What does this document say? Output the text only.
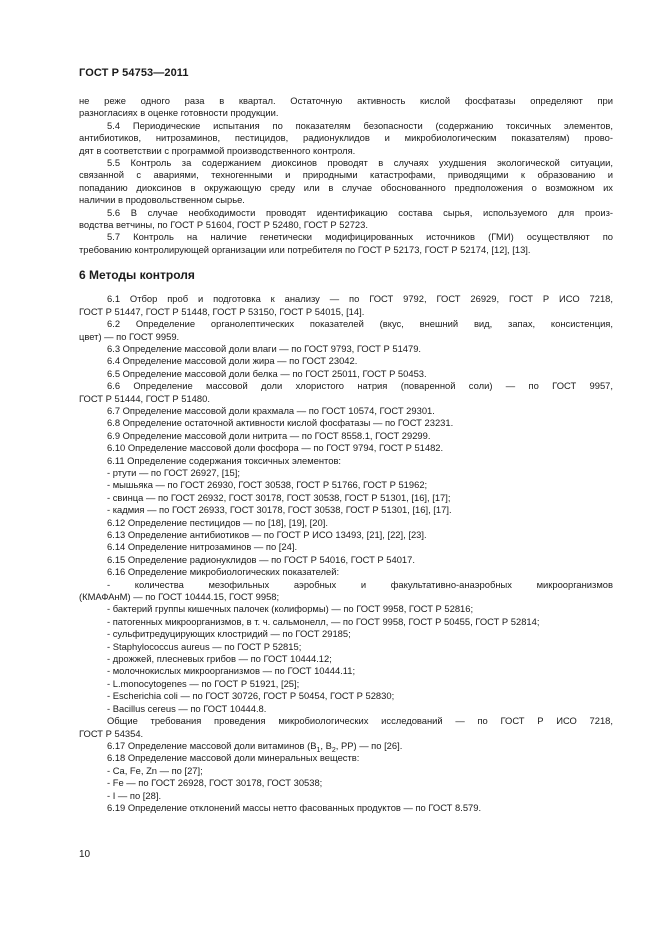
ГОСТ Р 54753—2011

не реже одного раза в квартал. Остаточную активность кислой фосфатазы определяют при

разногласиях в оценке готовности продукции.

5.4 Периодические испытания по показателям безопасности (содержанию токсичных элементов,

антибиотиков, нитрозаминов, пестицидов, радионуклидов и микробиологическим показателям) прово-

дят в соответствии с программой производственного контроля.

5.5 Контроль за содержанием диоксинов проводят в случаях ухудшения экологической ситуации,

связанной с авариями, техногенными и природными катастрофами, приводящими к образованию и

попаданию диоксинов в окружающую среду или в случае обоснованного предположения о возможном их

наличии в продовольственном сырье.

5.6 В случае необходимости проводят идентификацию состава сырья, используемого для произ-

водства ветчины, по ГОСТ Р 51604, ГОСТ Р 52480, ГОСТ Р 52723.

5.7 Контроль на наличие генетически модифицированных источников (ГМИ) осуществляют по

требованию контролирующей организации или потребителя по ГОСТ Р 52173, ГОСТ Р 52174, [12], [13].

6 Методы контроля

6.1 Отбор проб и подготовка к анализу — по ГОСТ 9792, ГОСТ 26929, ГОСТ Р ИСО 7218,

ГОСТ Р 51447, ГОСТ Р 51448, ГОСТ Р 53150, ГОСТ Р 54015, [14].

6.2 Определение органолептических показателей (вкус, внешний вид, запах, консистенция,

цвет) — по ГОСТ 9959.

6.3 Определение массовой доли влаги — по ГОСТ 9793, ГОСТ Р 51479.

6.4 Определение массовой доли жира — по ГОСТ 23042.

6.5 Определение массовой доли белка — по ГОСТ 25011, ГОСТ Р 50453.

6.6 Определение массовой доли хлористого натрия (поваренной соли) — по ГОСТ 9957,

ГОСТ Р 51444, ГОСТ Р 51480.

6.7 Определение массовой доли крахмала — по ГОСТ 10574, ГОСТ 29301.

6.8 Определение остаточной активности кислой фосфатазы — по ГОСТ 23231.

6.9 Определение массовой доли нитрита — по ГОСТ 8558.1, ГОСТ 29299.

6.10 Определение массовой доли фосфора — по ГОСТ 9794, ГОСТ Р 51482.

6.11 Определение содержания токсичных элементов:

- ртути — по ГОСТ 26927, [15];

- мышьяка — по ГОСТ 26930, ГОСТ 30538, ГОСТ Р 51766, ГОСТ Р 51962;

- свинца — по ГОСТ 26932, ГОСТ 30178, ГОСТ 30538, ГОСТ Р 51301, [16], [17];

- кадмия — по ГОСТ 26933, ГОСТ 30178, ГОСТ 30538, ГОСТ Р 51301, [16], [17].

6.12 Определение пестицидов — по [18], [19], [20].

6.13 Определение антибиотиков — по ГОСТ Р ИСО 13493, [21], [22], [23].

6.14 Определение нитрозаминов — по [24].

6.15 Определение радионуклидов — по ГОСТ Р 54016, ГОСТ Р 54017.

6.16 Определение микробиологических показателей:

- количества мезофильных аэробных и факультативно-анаэробных микроорганизмов

(КМАФАнМ) — по ГОСТ 10444.15, ГОСТ 9958;

- бактерий группы кишечных палочек (колиформы) — по ГОСТ 9958, ГОСТ Р 52816;

- патогенных микроорганизмов, в т. ч. сальмонелл, — по ГОСТ 9958, ГОСТ Р 50455, ГОСТ Р 52814;

- сульфитредуцирующих клостридий — по ГОСТ 29185;

- Staphylococcus aureus — по ГОСТ Р 52815;

- дрожжей, плесневых грибов — по ГОСТ 10444.12;

- молочнокислых микроорганизмов — по ГОСТ 10444.11;

- L.monocytogenes — по ГОСТ Р 51921, [25];

- Escherichia coli — по ГОСТ 30726, ГОСТ Р 50454, ГОСТ Р 52830;

- Bacillus cereus — по ГОСТ 10444.8.

Общие требования проведения микробиологических исследований — по ГОСТ Р ИСО 7218,

ГОСТ Р 54354.

6.17 Определение массовой доли витаминов ($В_1$, $В_2$, РР) — по [26].

6.18 Определение массовой доли минеральных веществ:

- Ca, Fe, Zn — по [27];

- Fe — по ГОСТ 26928, ГОСТ 30178, ГОСТ 30538;

- I — по [28].

6.19 Определение отклонений массы нетто фасованных продуктов — по ГОСТ 8.579.

10
